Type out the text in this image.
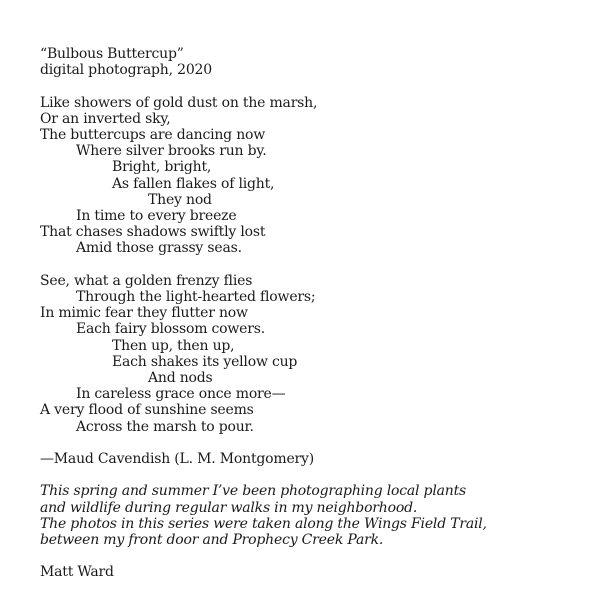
“Bulbous Buttercup”
digital photograph, 2020
Like showers of gold dust on the marsh,
Or an inverted sky,
The buttercups are dancing now
Where silver brooks run by.
Bright, bright,
As fallen flakes of light,
They nod
In time to every breeze
That chases shadows swiftly lost
Amid those grassy seas.
See, what a golden frenzy flies
Through the light-hearted flowers;
In mimic fear they flutter now
Each fairy blossom cowers.
Then up, then up,
Each shakes its yellow cup
And nods
In careless grace once more—
A very flood of sunshine seems
Across the marsh to pour.
—Maud Cavendish (L. M. Montgomery)
This spring and summer I’ve been photographing local plants
and wildlife during regular walks in my neighborhood.
The photos in this series were taken along the Wings Field Trail,
between my front door and Prophecy Creek Park.
Matt Ward
